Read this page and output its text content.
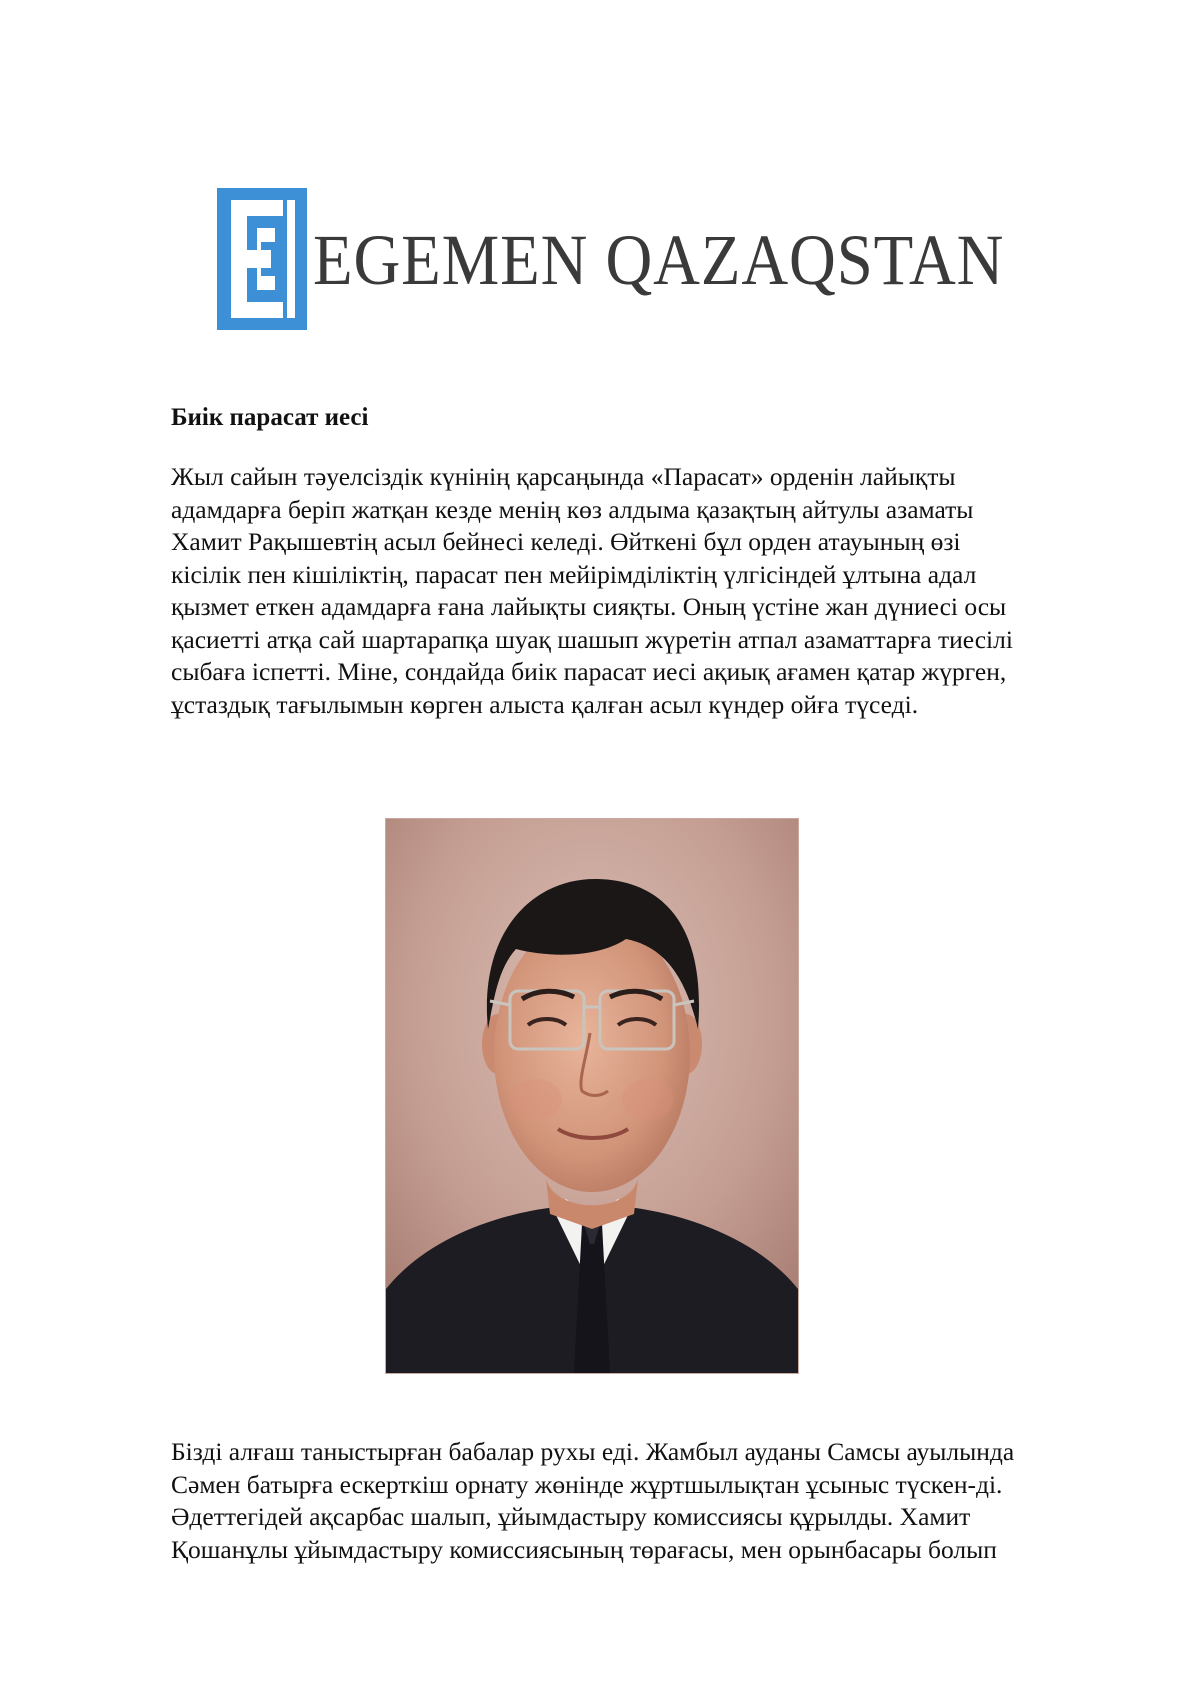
EGEMEN QAZAQSTAN
Биік парасат иесі

Жыл сайын тәуелсіздік күнінің қарсаңында «Парасат» орденін лайықты
адамдарға беріп жатқан кезде менің көз алдыма қазақтың айтулы азаматы
Хамит Рақышевтің асыл бейнесі келеді. Өйткені бұл орден атауының өзі
кісілік пен кішіліктің, парасат пен мейірімділіктің үлгісіндей ұлтына адал
қызмет еткен адамдарға ғана лайықты сияқты. Оның үстіне жан дүниесі осы
қасиетті атқа сай шартарапқа шуақ шашып жүретін атпал азаматтарға тиесілі
сыбаға іспетті. Міне, сондайда биік парасат иесі ақиық ағамен қатар жүрген,
ұстаздық тағылымын көрген алыста қалған асыл күндер ойға түседі.

Бізді алғаш таныстырған бабалар рухы еді. Жамбыл ауданы Самсы ауылында
Сәмен батырға ескерткіш орнату жөнінде жұртшылықтан ұсыныс түскен-ді.
Әдеттегідей ақсарбас шалып, ұйымдастыру комиссиясы құрылды. Хамит
Қошанұлы ұйымдастыру комиссиясының төрағасы, мен орынбасары болып
